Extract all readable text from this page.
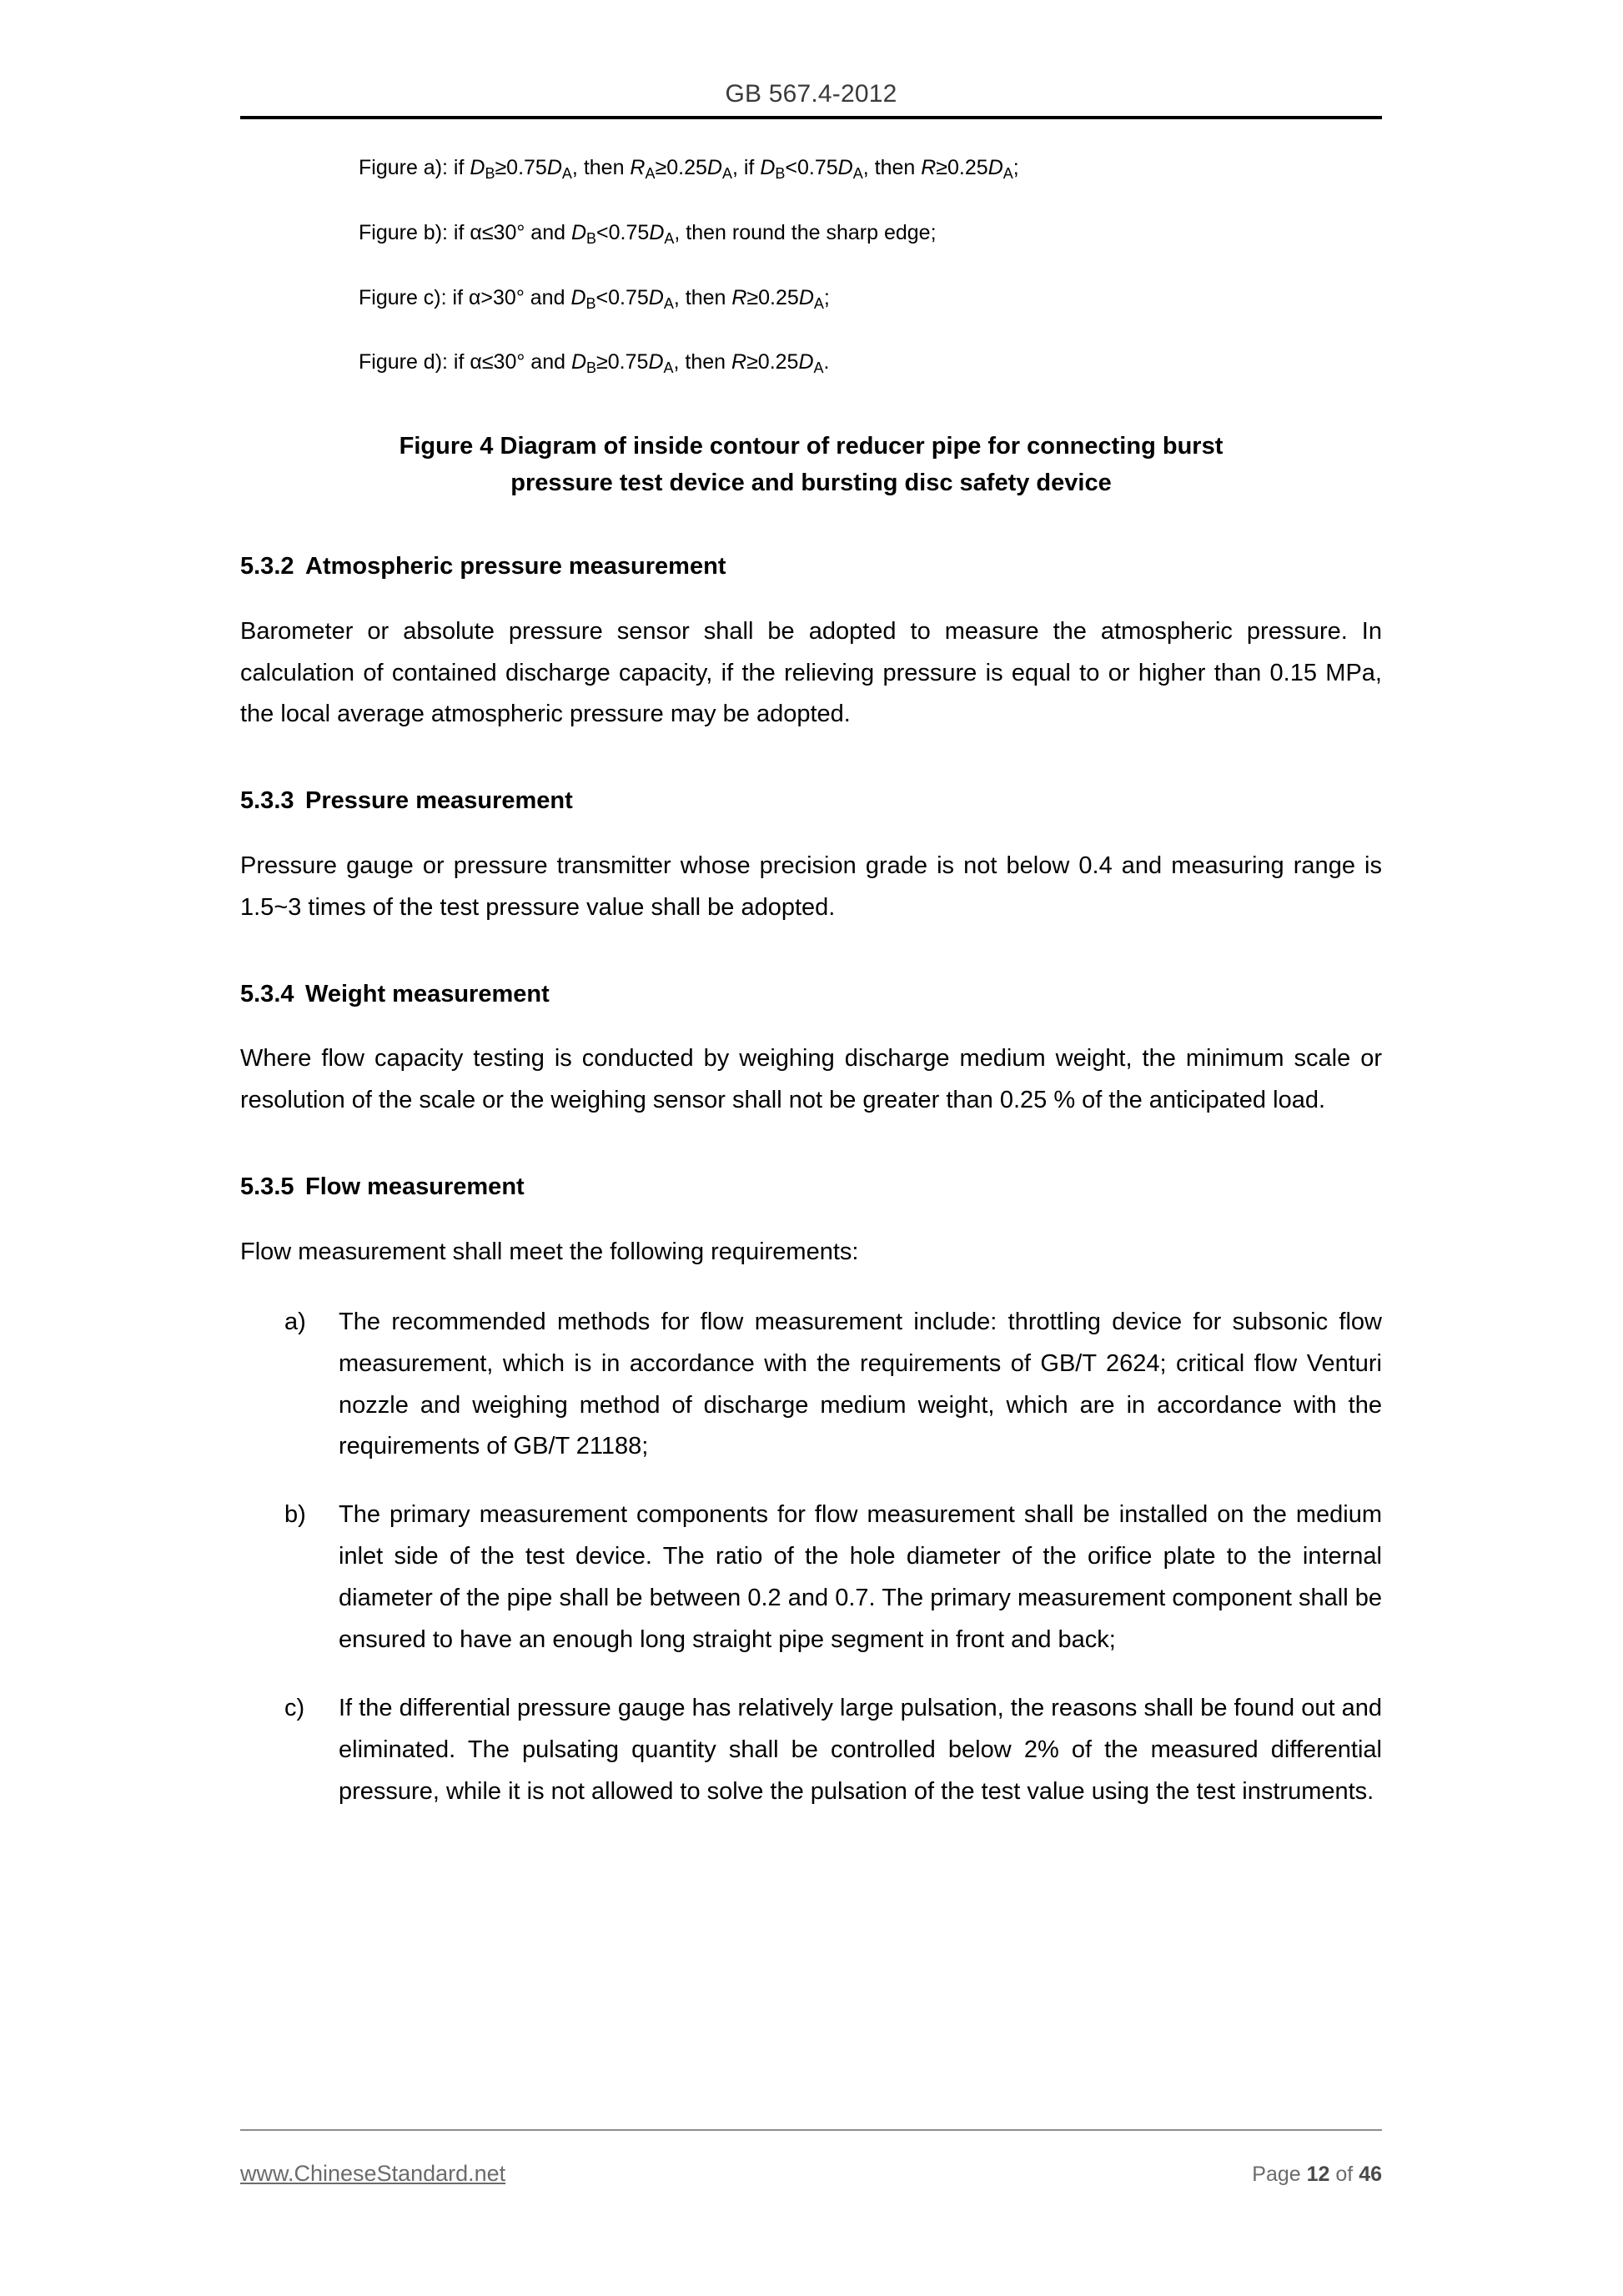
GB 567.4-2012
Figure a): if $D_B\ge 0.75D_A$, then $R_A\ge 0.25D_A$, if $D_B<0.75D_A$, then $R\ge 0.25D_A$;
Figure b): if α≤30° and $D_B<0.75D_A$, then round the sharp edge;
Figure c): if α>30° and $D_B<0.75D_A$, then $R\ge 0.25D_A$;
Figure d): if α≤30° and $D_B\ge 0.75D_A$, then $R\ge 0.25D_A$.
Figure 4 Diagram of inside contour of reducer pipe for connecting burst
pressure test device and bursting disc safety device
5.3.2 Atmospheric pressure measurement

Barometer or absolute pressure sensor shall be adopted to measure the atmospheric pressure. In calculation of contained discharge capacity, if the relieving pressure is equal to or higher than 0.15 MPa, the local average atmospheric pressure may be adopted.

5.3.3 Pressure measurement

Pressure gauge or pressure transmitter whose precision grade is not below 0.4 and measuring range is 1.5~3 times of the test pressure value shall be adopted.

5.3.4 Weight measurement

Where flow capacity testing is conducted by weighing discharge medium weight, the minimum scale or resolution of the scale or the weighing sensor shall not be greater than 0.25 % of the anticipated load.

5.3.5 Flow measurement

Flow measurement shall meet the following requirements:

a)	The recommended methods for flow measurement include: throttling device for subsonic flow measurement, which is in accordance with the requirements of GB/T 2624; critical flow Venturi nozzle and weighing method of discharge medium weight, which are in accordance with the requirements of GB/T 21188;
b)	The primary measurement components for flow measurement shall be installed on the medium inlet side of the test device. The ratio of the hole diameter of the orifice plate to the internal diameter of the pipe shall be between 0.2 and 0.7. The primary measurement component shall be ensured to have an enough long straight pipe segment in front and back;
c)	If the differential pressure gauge has relatively large pulsation, the reasons shall be found out and eliminated. The pulsating quantity shall be controlled below 2% of the measured differential pressure, while it is not allowed to solve the pulsation of the test value using the test instruments.
www.ChineseStandard.net	Page 12 of 46
